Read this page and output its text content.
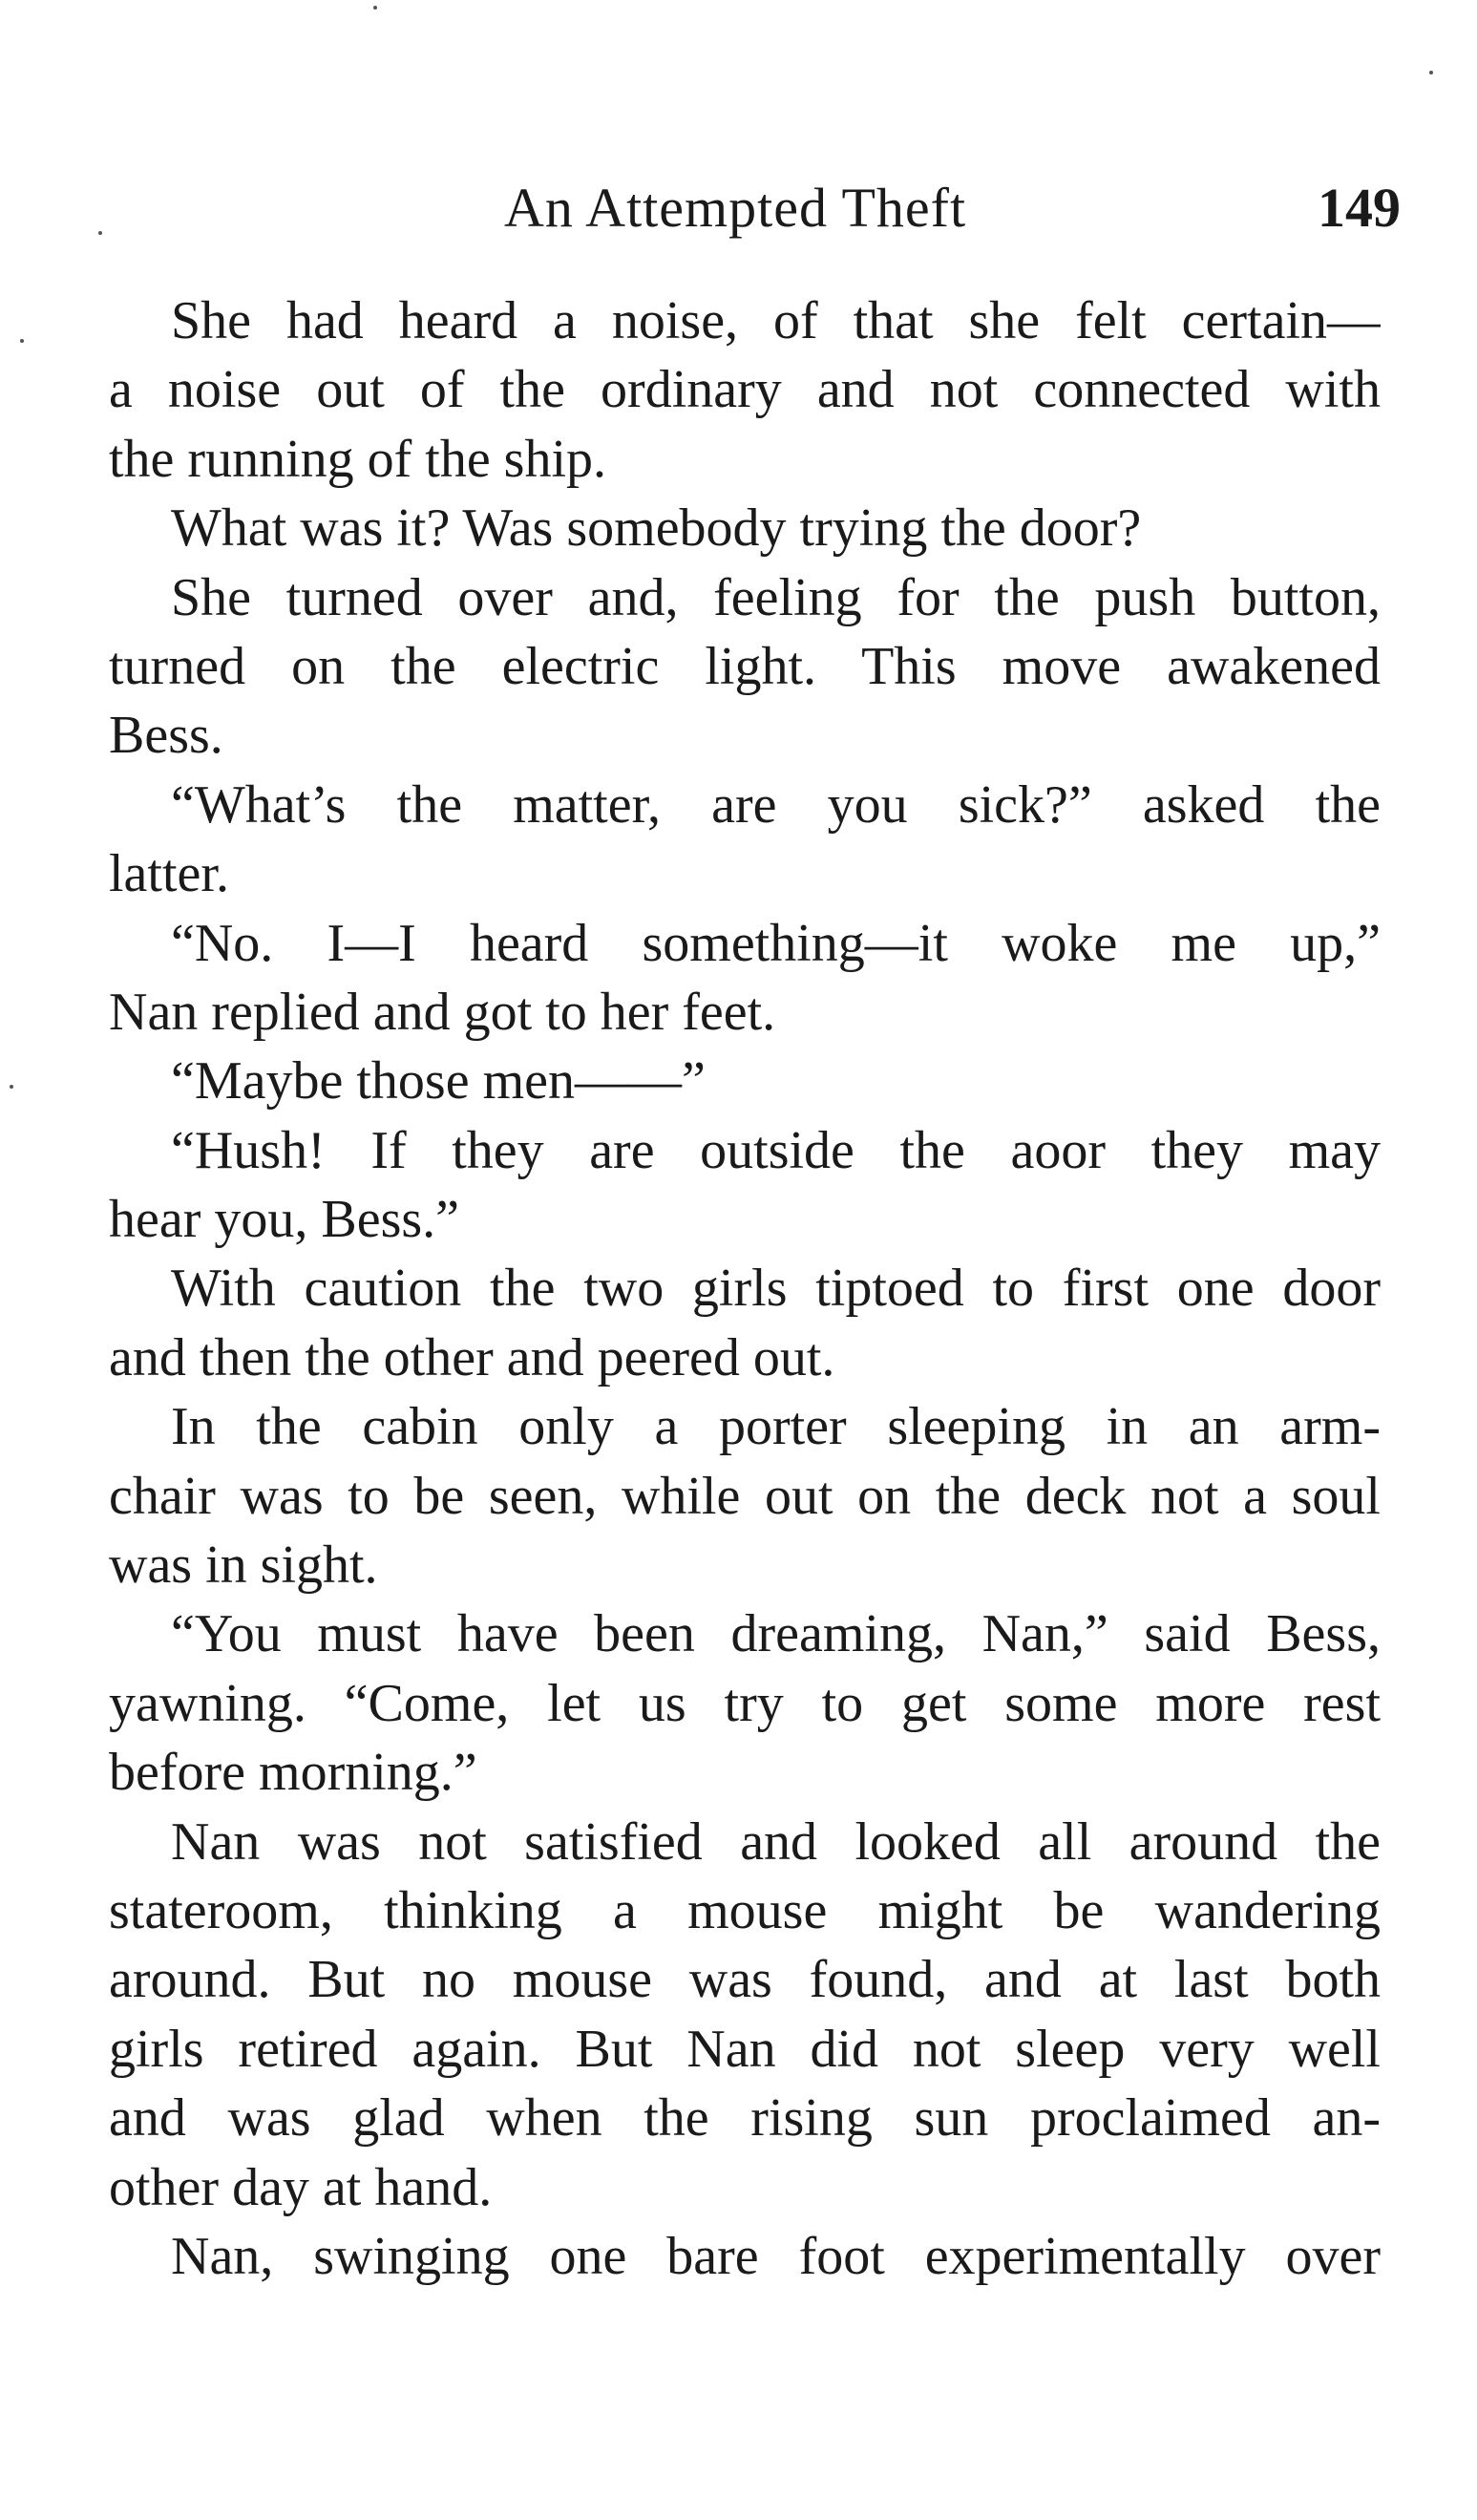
An Attempted Theft	149
She had heard a noise, of that she felt certain—
a noise out of the ordinary and not connected with
the running of the ship.
What was it? Was somebody trying the door?
She turned over and, feeling for the push button,
turned on the electric light. This move awakened
Bess.
“What’s the matter, are you sick?” asked the
latter.
“No. I—I heard something—it woke me up,”
Nan replied and got to her feet.
“Maybe those men——”
“Hush! If they are outside the aoor they may
hear you, Bess.”
With caution the two girls tiptoed to first one door
and then the other and peered out.
In the cabin only a porter sleeping in an arm-
chair was to be seen, while out on the deck not a soul
was in sight.
“You must have been dreaming, Nan,” said Bess,
yawning. “Come, let us try to get some more rest
before morning.”
Nan was not satisfied and looked all around the
stateroom, thinking a mouse might be wandering
around. But no mouse was found, and at last both
girls retired again. But Nan did not sleep very well
and was glad when the rising sun proclaimed an-
other day at hand.
Nan, swinging one bare foot experimentally over
